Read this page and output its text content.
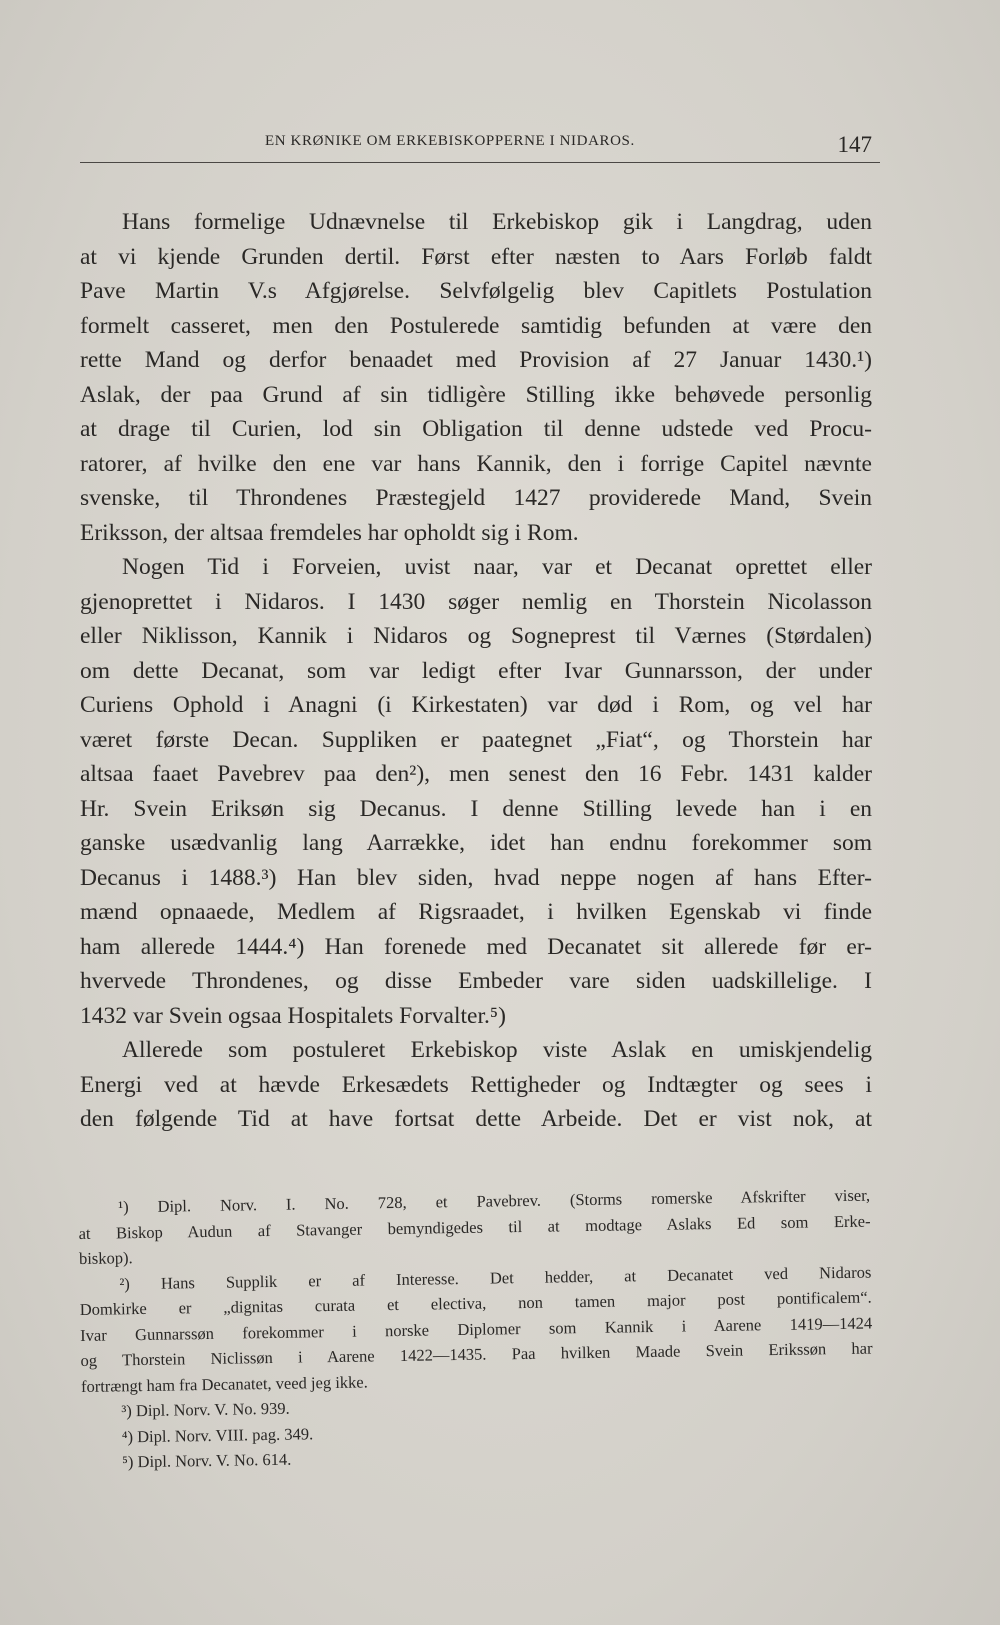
EN KRØNIKE OM ERKEBISKOPPERNE I NIDAROS.	147
Hans formelige Udnævnelse til Erkebiskop gik i Langdrag, uden
at vi kjende Grunden dertil. Først efter næsten to Aars Forløb faldt
Pave Martin V.s Afgjørelse. Selvfølgelig blev Capitlets Postulation
formelt casseret, men den Postulerede samtidig befunden at være den
rette Mand og derfor benaadet med Provision af 27 Januar 1430.¹)
Aslak, der paa Grund af sin tidligère Stilling ikke behøvede personlig
at drage til Curien, lod sin Obligation til denne udstede ved Procu-
ratorer, af hvilke den ene var hans Kannik, den i forrige Capitel nævnte
svenske, til Throndenes Præstegjeld 1427 providerede Mand, Svein
Eriksson, der altsaa fremdeles har opholdt sig i Rom.
Nogen Tid i Forveien, uvist naar, var et Decanat oprettet eller
gjenoprettet i Nidaros. I 1430 søger nemlig en Thorstein Nicolasson
eller Niklisson, Kannik i Nidaros og Sogneprest til Værnes (Størdalen)
om dette Decanat, som var ledigt efter Ivar Gunnarsson, der under
Curiens Ophold i Anagni (i Kirkestaten) var død i Rom, og vel har
været første Decan. Suppliken er paategnet „Fiat“, og Thorstein har
altsaa faaet Pavebrev paa den²), men senest den 16 Febr. 1431 kalder
Hr. Svein Eriksøn sig Decanus. I denne Stilling levede han i en
ganske usædvanlig lang Aarrække, idet han endnu forekommer som
Decanus i 1488.³) Han blev siden, hvad neppe nogen af hans Efter-
mænd opnaaede, Medlem af Rigsraadet, i hvilken Egenskab vi finde
ham allerede 1444.⁴) Han forenede med Decanatet sit allerede før er-
hvervede Throndenes, og disse Embeder vare siden uadskillelige. I
1432 var Svein ogsaa Hospitalets Forvalter.⁵)
Allerede som postuleret Erkebiskop viste Aslak en umiskjendelig
Energi ved at hævde Erkesædets Rettigheder og Indtægter og sees i
den følgende Tid at have fortsat dette Arbeide. Det er vist nok, at
¹) Dipl. Norv. I. No. 728, et Pavebrev. (Storms romerske Afskrifter viser,
at Biskop Audun af Stavanger bemyndigedes til at modtage Aslaks Ed som Erke-
biskop).
²) Hans Supplik er af Interesse. Det hedder, at Decanatet ved Nidaros
Domkirke er „dignitas curata et electiva, non tamen major post pontificalem“.
Ivar Gunnarssøn forekommer i norske Diplomer som Kannik i Aarene 1419—1424
og Thorstein Niclissøn i Aarene 1422—1435. Paa hvilken Maade Svein Erikssøn har
fortrængt ham fra Decanatet, veed jeg ikke.
³) Dipl. Norv. V. No. 939.
⁴) Dipl. Norv. VIII. pag. 349.
⁵) Dipl. Norv. V. No. 614.
